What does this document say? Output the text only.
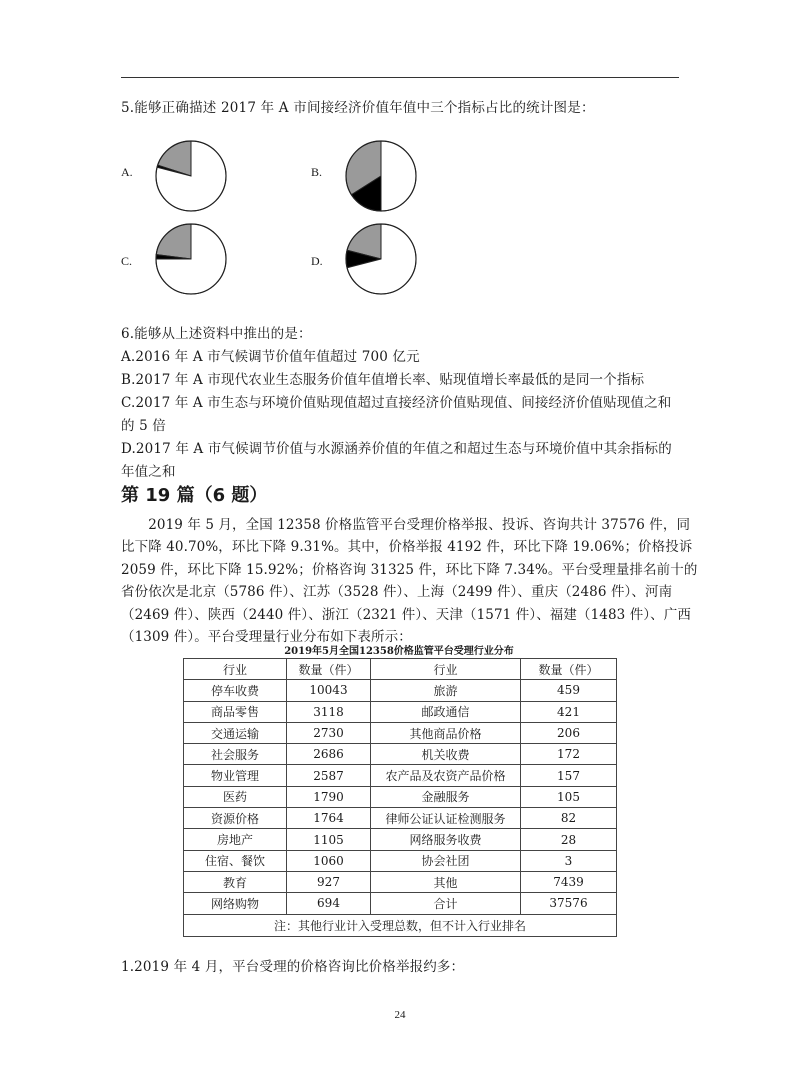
5.能够正确描述 2017 年 A 市间接经济价值年值中三个指标占比的统计图是：
A.	B.
C.	D.
6.能够从上述资料中推出的是：
A.2016 年 A 市气候调节价值年值超过 700 亿元
B.2017 年 A 市现代农业生态服务价值年值增长率、贴现值增长率最低的是同一个指标
C.2017 年 A 市生态与环境价值贴现值超过直接经济价值贴现值、间接经济价值贴现值之和
的 5 倍
D.2017 年 A 市气候调节价值与水源涵养价值的年值之和超过生态与环境价值中其余指标的
年值之和
第 19 篇（6 题）

　　2019 年 5 月，全国 12358 价格监管平台受理价格举报、投诉、咨询共计 37576 件，同

比下降 40.70%，环比下降 9.31%。其中，价格举报 4192 件，环比下降 19.06%；价格投诉

2059 件，环比下降 15.92%；价格咨询 31325 件，环比下降 7.34%。平台受理量排名前十的

省份依次是北京（5786 件）、江苏（3528 件）、上海（2499 件）、重庆（2486 件）、河南

（2469 件）、陕西（2440 件）、浙江（2321 件）、天津（1571 件）、福建（1483 件）、广西

（1309 件）。平台受理量行业分布如下表所示：

2019年5月全国12358价格监管平台受理行业分布
行业	数量（件）	行业	数量（件）
停车收费	10043	旅游	459
商品零售	3118	邮政通信	421
交通运输	2730	其他商品价格	206
社会服务	2686	机关收费	172
物业管理	2587	农产品及农资产品价格	157
医药	1790	金融服务	105
资源价格	1764	律师公证认证检测服务	82
房地产	1105	网络服务收费	28
住宿、餐饮	1060	协会社团	3
教育	927	其他	7439
网络购物	694	合计	37576
注：其他行业计入受理总数，但不计入行业排名			
1.2019 年 4 月，平台受理的价格咨询比价格举报约多：
24
